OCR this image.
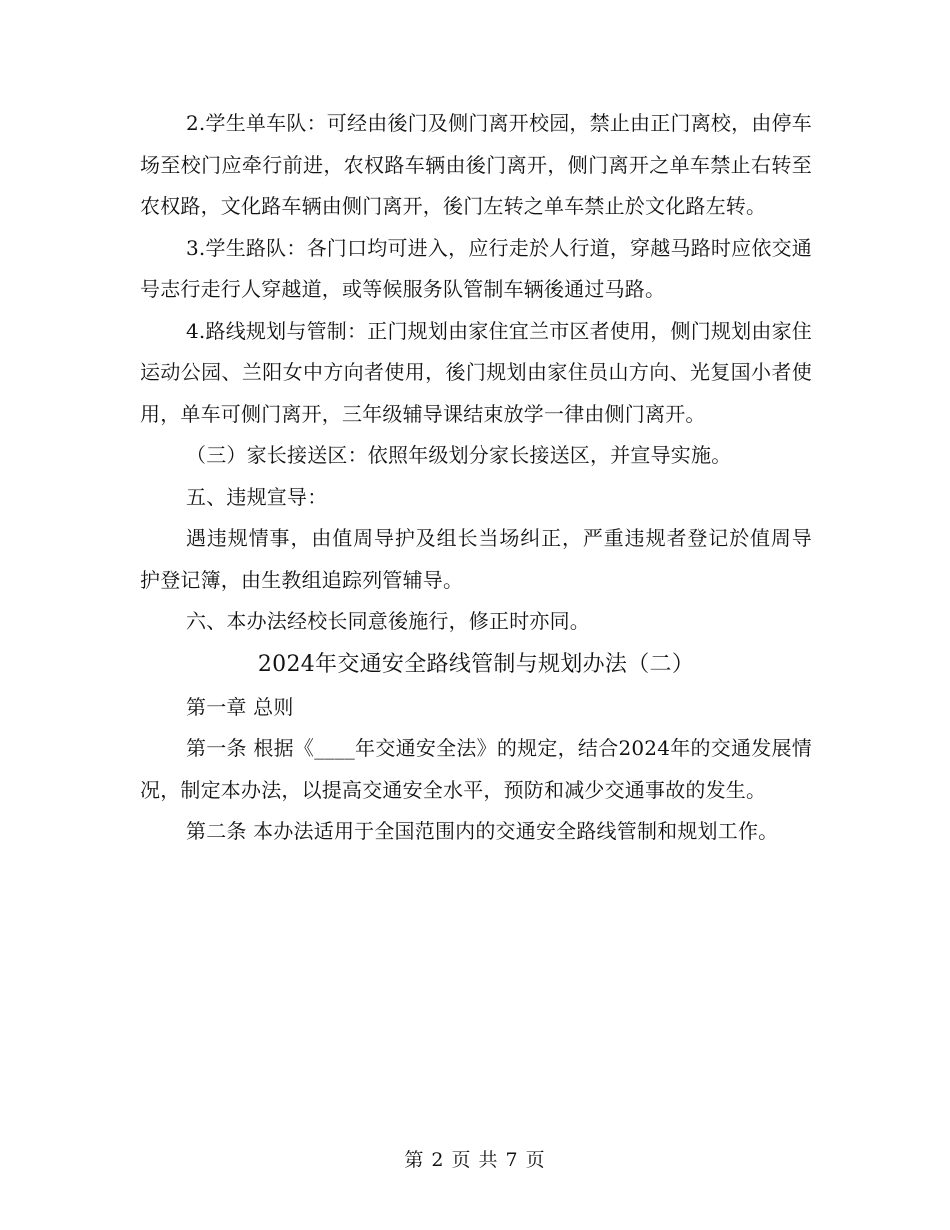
2.学生单车队：可经由後门及侧门离开校园，禁止由正门离校，由停车场至校门应牵行前进，农权路车辆由後门离开，侧门离开之单车禁止右转至农权路，文化路车辆由侧门离开，後门左转之单车禁止於文化路左转。

3.学生路队：各门口均可进入，应行走於人行道，穿越马路时应依交通号志行走行人穿越道，或等候服务队管制车辆後通过马路。

4.路线规划与管制：正门规划由家住宜兰市区者使用，侧门规划由家住运动公园、兰阳女中方向者使用，後门规划由家住员山方向、光复国小者使用，单车可侧门离开，三年级辅导课结束放学一律由侧门离开。

（三）家长接送区：依照年级划分家长接送区，并宣导实施。

五、违规宣导：

遇违规情事，由值周导护及组长当场纠正，严重违规者登记於值周导护登记簿，由生教组追踪列管辅导。

六、本办法经校长同意後施行，修正时亦同。

2024年交通安全路线管制与规划办法（二）

第一章 总则

第一条 根据《____年交通安全法》的规定，结合2024年的交通发展情况，制定本办法，以提高交通安全水平，预防和减少交通事故的发生。

第二条 本办法适用于全国范围内的交通安全路线管制和规划工作。

第 2 页 共 7 页
